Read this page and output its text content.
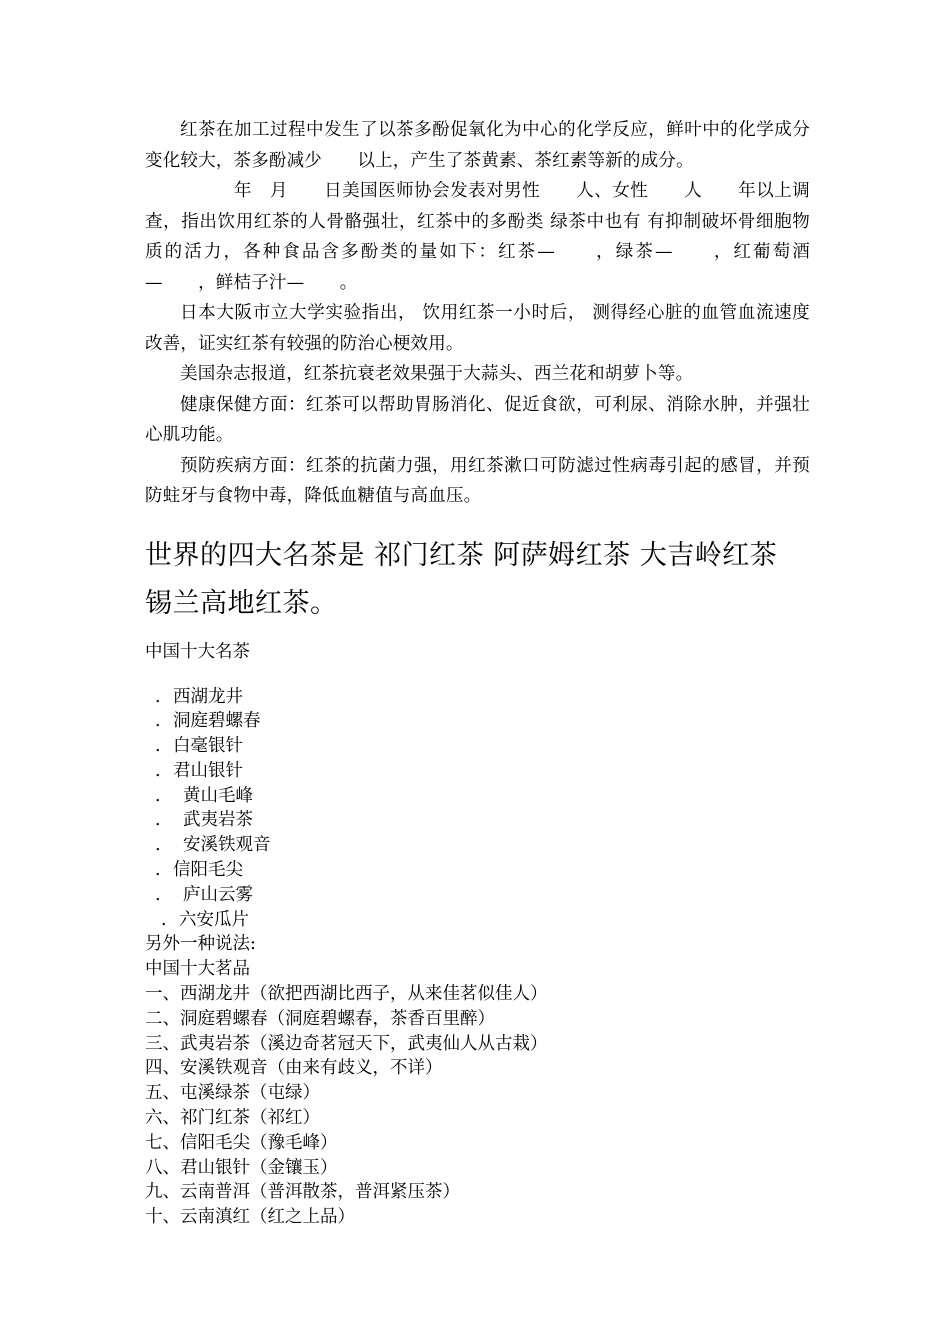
红茶在加工过程中发生了以茶多酚促氧化为中心的化学反应，鲜叶中的化学成分变化较大，茶多酚减少　　以上，产生了茶黄素、茶红素等新的成分。

　　　年　月　　日美国医师协会发表对男性　　人、女性　　人　　年以上调查，指出饮用红茶的人骨骼强壮，红茶中的多酚类 绿茶中也有 有抑制破坏骨细胞物质的活力，各种食品含多酚类的量如下：红茶—　　，绿茶—　　，红葡萄酒—　　，鲜桔子汁—　　。

日本大阪市立大学实验指出， 饮用红茶一小时后， 测得经心脏的血管血流速度改善，证实红茶有较强的防治心梗效用。

美国杂志报道，红茶抗衰老效果强于大蒜头、西兰花和胡萝卜等。

健康保健方面：红茶可以帮助胃肠消化、促近食欲，可利尿、消除水肿，并强壮心肌功能。

预防疾病方面：红茶的抗菌力强，用红茶漱口可防滤过性病毒引起的感冒，并预防蛀牙与食物中毒，降低血糖值与高血压。

世界的四大名茶是 祁门红茶 阿萨姆红茶 大吉岭红茶 锡兰高地红茶。

中国十大名茶

. 西湖龙井
. 洞庭碧螺春
. 白毫银针
. 君山银针
. 黄山毛峰
. 武夷岩茶
. 安溪铁观音
. 信阳毛尖
. 庐山云雾
. 六安瓜片

另外一种说法:

中国十大茗品

一、西湖龙井（欲把西湖比西子，从来佳茗似佳人）
二、洞庭碧螺春（洞庭碧螺春，茶香百里醉）
三、武夷岩茶（溪边奇茗冠天下，武夷仙人从古栽）
四、安溪铁观音（由来有歧义，不详）
五、屯溪绿茶（屯绿）
六、祁门红茶（祁红）
七、信阳毛尖（豫毛峰）
八、君山银针（金镶玉）
九、云南普洱（普洱散茶，普洱紧压茶）
十、云南滇红（红之上品）
